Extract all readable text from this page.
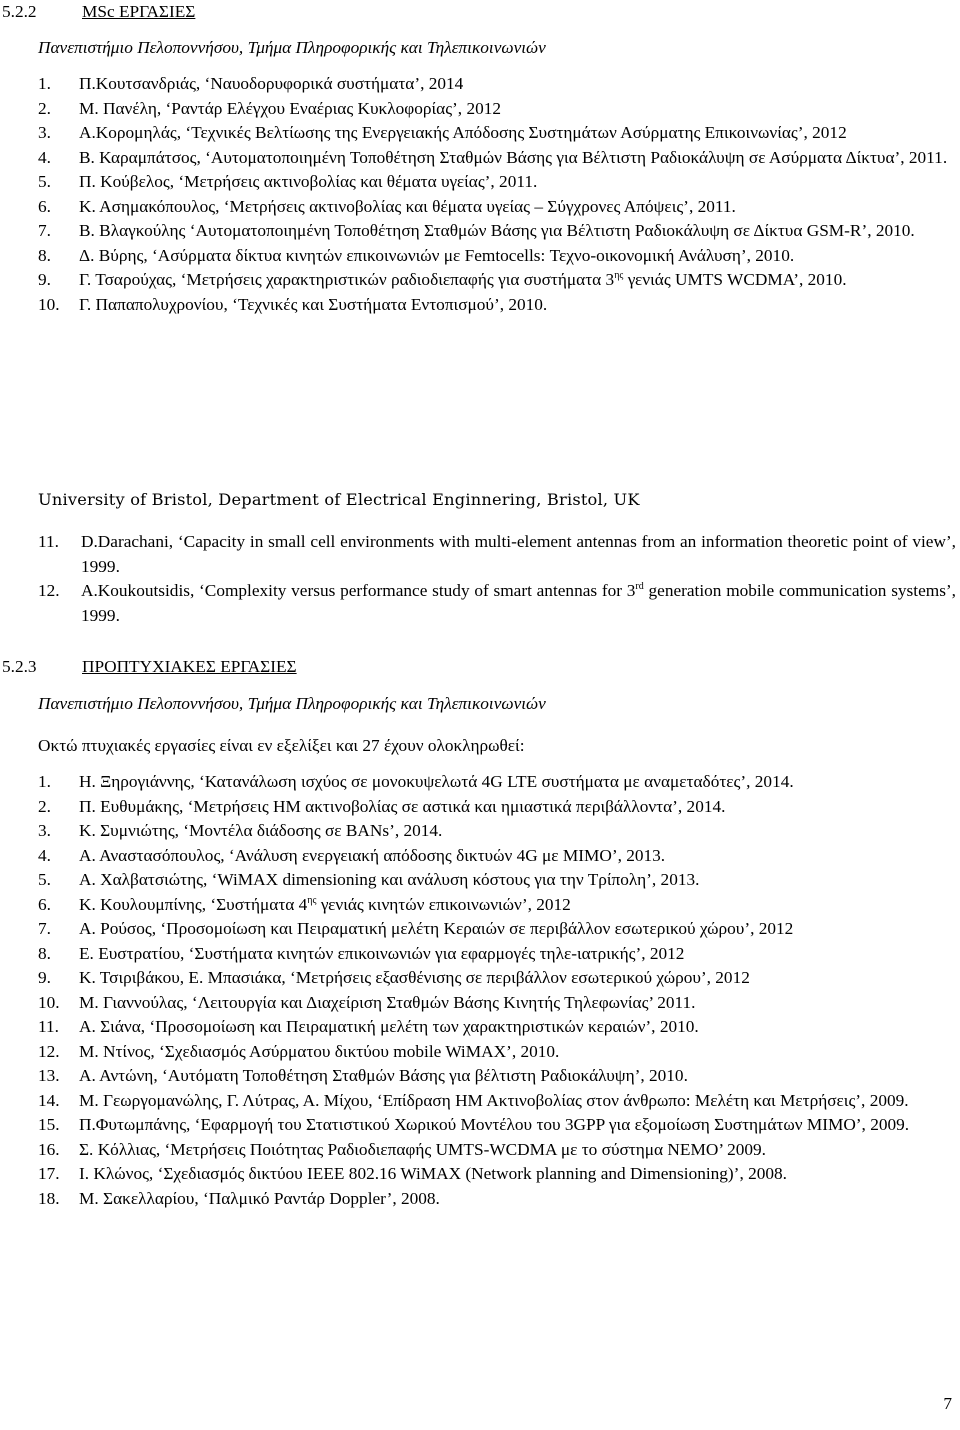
5.2.2	MSc ΕΡΓΑΣΙΕΣ
Πανεπιστήμιο Πελοποννήσου, Τμήμα Πληροφορικής και Τηλεπικοινωνιών
1. Π.Κουτσανδριάς, ‘Ναυοδορυφορικά συστήματα’, 2014
2. Μ. Πανέλη, ‘Ραντάρ Ελέγχου Εναέριας Κυκλοφορίας’, 2012
3. Α.Κορομηλάς, ‘Τεχνικές Βελτίωσης της Ενεργειακής Απόδοσης Συστημάτων Ασύρματης Επικοινωνίας’, 2012
4. Β. Καραμπάτσος, ‘Αυτοματοποιημένη Τοποθέτηση Σταθμών Βάσης για Βέλτιστη Ραδιοκάλυψη σε Ασύρματα Δίκτυα’, 2011.
5. Π. Κούβελος, ‘Μετρήσεις ακτινοβολίας και θέματα υγείας’, 2011.
6. Κ. Ασημακόπουλος, ‘Μετρήσεις ακτινοβολίας και θέματα υγείας – Σύγχρονες Απόψεις’, 2011.
7. Β. Βλαγκούλης ‘Αυτοματοποιημένη Τοποθέτηση Σταθμών Βάσης για Βέλτιστη Ραδιοκάλυψη σε Δίκτυα GSM-R’, 2010.
8. Δ. Βύρης, ‘Ασύρματα δίκτυα κινητών επικοινωνιών με Femtocells: Τεχνο-οικονομική Ανάλυση’, 2010.
9. Γ. Τσαρούχας, ‘Μετρήσεις χαρακτηριστικών ραδιοδιεπαφής για συστήματα $3^{\eta\varsigma}$ γενιάς UMTS WCDMA’, 2010.
10. Γ. Παπαπολυχρονίου, ‘Τεχνικές και Συστήματα Εντοπισμού’, 2010.
University of Bristol, Department of Electrical Enginnering, Bristol, UK
11. D.Darachani, ‘Capacity in small cell environments with multi-element antennas from an information theoretic point of view’, 1999.
12. A.Koukoutsidis, ‘Complexity versus performance study of smart antennas for 3rd generation mobile communication systems’, 1999.
5.2.3	ΠΡΟΠΤΥΧΙΑΚΕΣ ΕΡΓΑΣΙΕΣ
Πανεπιστήμιο Πελοποννήσου, Τμήμα Πληροφορικής και Τηλεπικοινωνιών
Οκτώ πτυχιακές εργασίες είναι εν εξελίξει και 27 έχουν ολοκληρωθεί:
1. Η. Ξηρογιάννης, ‘Κατανάλωση ισχύος σε μονοκυψελωτά 4G LTE συστήματα με αναμεταδότες’, 2014.
2. Π. Ευθυμάκης, ‘Μετρήσεις ΗΜ ακτινοβολίας σε αστικά και ημιαστικά περιβάλλοντα’, 2014.
3. Κ. Συμνιώτης, ‘Μοντέλα διάδοσης σε BANs’, 2014.
4. Α. Αναστασόπουλος, ‘Ανάλυση ενεργειακή απόδοσης δικτυών 4G με MIMO’, 2013.
5. Α. Χαλβατσιώτης, ‘WiMAX dimensioning και ανάλυση κόστους για την Τρίπολη’, 2013.
6. Κ. Κουλουμπίνης, ‘Συστήματα $4^{\eta\varsigma}$ γενιάς κινητών επικοινωνιών’, 2012
7. Α. Ρούσος, ‘Προσομοίωση και Πειραματική μελέτη Κεραιών σε περιβάλλον εσωτερικού χώρου’, 2012
8. Ε. Ευστρατίου, ‘Συστήματα κινητών επικοινωνιών για εφαρμογές τηλε-ιατρικής’, 2012
9. Κ. Τσιριβάκου, Ε. Μπασιάκα, ‘Μετρήσεις εξασθένισης σε περιβάλλον εσωτερικού χώρου’, 2012
10. Μ. Γιαννούλας, ‘Λειτουργία και Διαχείριση Σταθμών Βάσης Κινητής Τηλεφωνίας’ 2011.
11. Α. Σιάνα, ‘Προσομοίωση και Πειραματική μελέτη των χαρακτηριστικών κεραιών’, 2010.
12. Μ. Ντίνος, ‘Σχεδιασμός Ασύρματου δικτύου mobile WiMAX’, 2010.
13. Α. Αντώνη, ‘Αυτόματη Τοποθέτηση Σταθμών Βάσης για βέλτιστη Ραδιοκάλυψη’, 2010.
14. Μ. Γεωργομανώλης, Γ. Λύτρας, Α. Μίχου, ‘Επίδραση ΗΜ Ακτινοβολίας στον άνθρωπο: Μελέτη και Μετρήσεις’, 2009.
15. Π.Φυτωμπάνης, ‘Εφαρμογή του Στατιστικού Χωρικού Μοντέλου του 3GPP για εξομοίωση Συστημάτων MIMO’, 2009.
16. Σ. Κόλλιας, ‘Μετρήσεις Ποιότητας Ραδιοδιεπαφής UMTS-WCDMA με το σύστημα NEMO’ 2009.
17. Ι. Κλώνος, ‘Σχεδιασμός δικτύου IEEE 802.16 WiMAX (Network planning and Dimensioning)’, 2008.
18. Μ. Σακελλαρίου, ‘Παλμικό Ραντάρ Doppler’, 2008.
7
